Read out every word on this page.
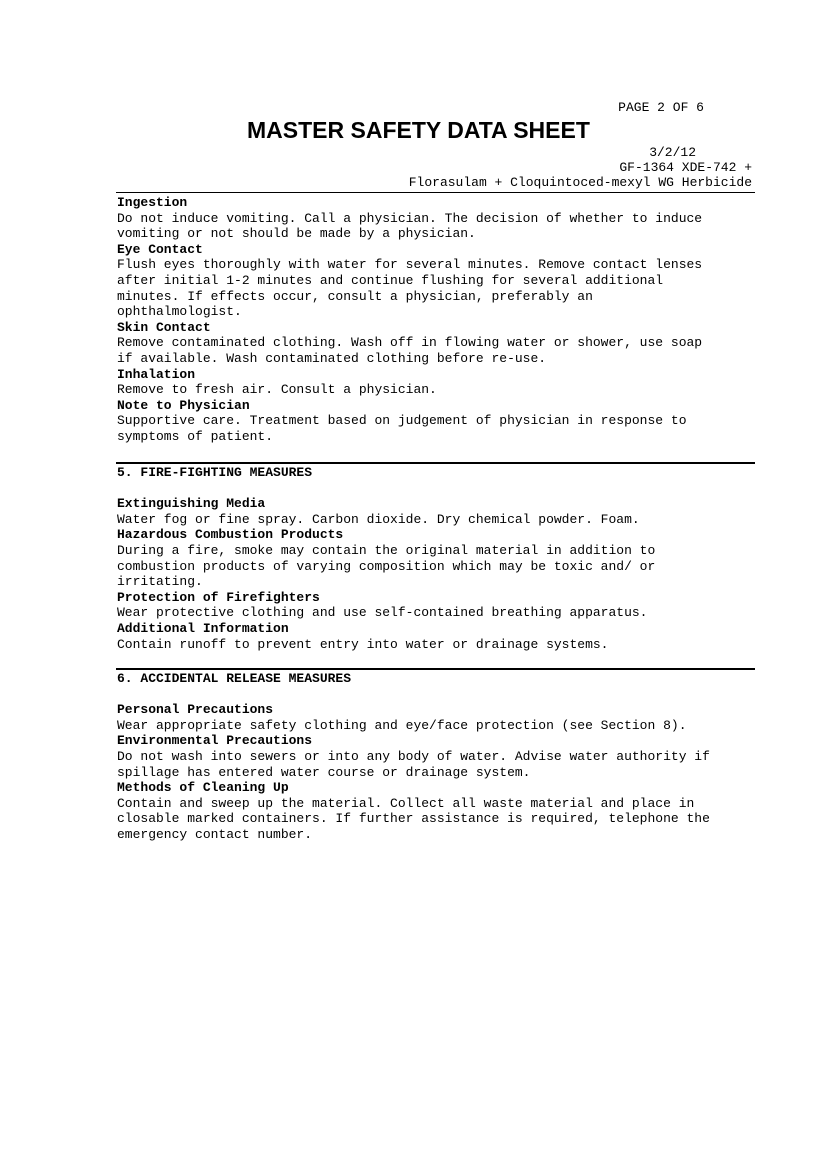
PAGE 2 OF 6
MASTER SAFETY DATA SHEET
3/2/12
GF-1364 XDE-742 +
Florasulam + Cloquintoced-mexyl WG Herbicide
Ingestion
Do not induce vomiting. Call a physician. The decision of whether to induce
vomiting or not should be made by a physician.
Eye Contact
Flush eyes thoroughly with water for several minutes. Remove contact lenses
after initial 1-2 minutes and continue flushing for several additional
minutes. If effects occur, consult a physician, preferably an
ophthalmologist.
Skin Contact
Remove contaminated clothing. Wash off in flowing water or shower, use soap
if available. Wash contaminated clothing before re-use.
Inhalation
Remove to fresh air. Consult a physician.
Note to Physician
Supportive care. Treatment based on judgement of physician in response to
symptoms of patient.
5. FIRE-FIGHTING MEASURES
Extinguishing Media
Water fog or fine spray. Carbon dioxide. Dry chemical powder. Foam.
Hazardous Combustion Products
During a fire, smoke may contain the original material in addition to
combustion products of varying composition which may be toxic and/ or
irritating.
Protection of Firefighters
Wear protective clothing and use self-contained breathing apparatus.
Additional Information
Contain runoff to prevent entry into water or drainage systems.
6. ACCIDENTAL RELEASE MEASURES
Personal Precautions
Wear appropriate safety clothing and eye/face protection (see Section 8).
Environmental Precautions
Do not wash into sewers or into any body of water. Advise water authority if
spillage has entered water course or drainage system.
Methods of Cleaning Up
Contain and sweep up the material. Collect all waste material and place in
closable marked containers. If further assistance is required, telephone the
emergency contact number.
